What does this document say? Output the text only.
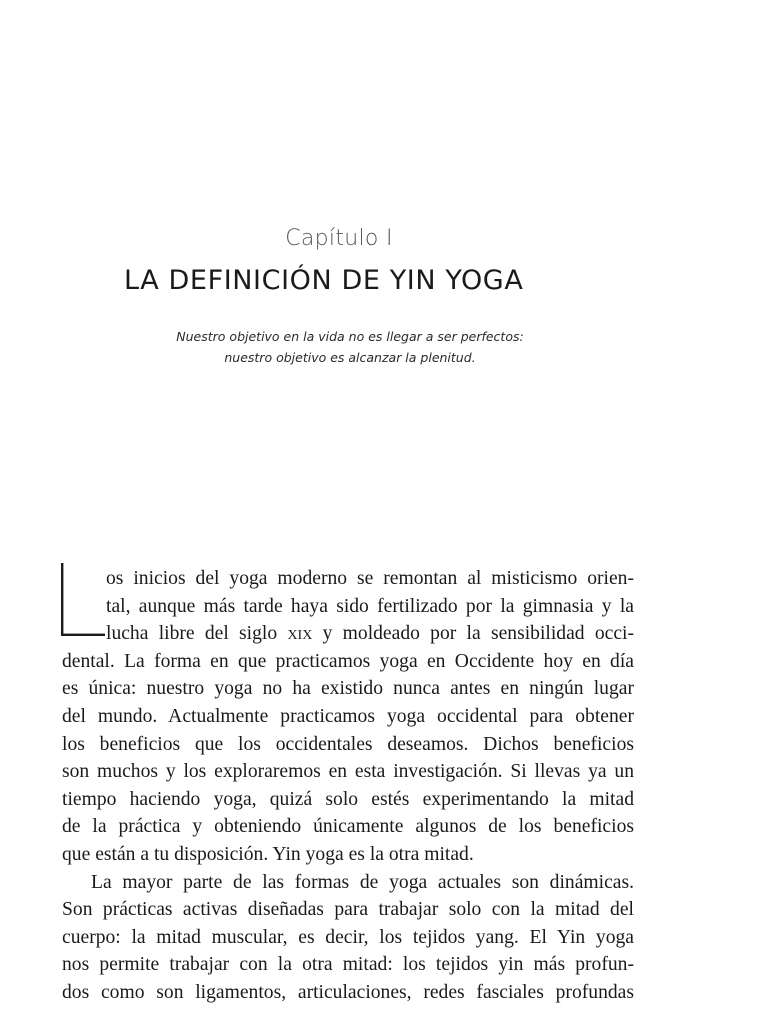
Capítulo I
LA DEFINICIÓN DE YIN YOGA
Nuestro objetivo en la vida no es llegar a ser perfectos:
nuestro objetivo es alcanzar la plenitud.
os inicios del yoga moderno se remontan al misticismo orien-
tal, aunque más tarde haya sido fertilizado por la gimnasia y la
lucha libre del siglo xix y moldeado por la sensibilidad occi-
dental. La forma en que practicamos yoga en Occidente hoy en día
es única: nuestro yoga no ha existido nunca antes en ningún lugar
del mundo. Actualmente practicamos yoga occidental para obtener
los beneficios que los occidentales deseamos. Dichos beneficios
son muchos y los exploraremos en esta investigación. Si llevas ya un
tiempo haciendo yoga, quizá solo estés experimentando la mitad
de la práctica y obteniendo únicamente algunos de los beneficios
que están a tu disposición. Yin yoga es la otra mitad.
La mayor parte de las formas de yoga actuales son dinámicas.
Son prácticas activas diseñadas para trabajar solo con la mitad del
cuerpo: la mitad muscular, es decir, los tejidos yang. El Yin yoga
nos permite trabajar con la otra mitad: los tejidos yin más profun-
dos como son ligamentos, articulaciones, redes fasciales profundas
